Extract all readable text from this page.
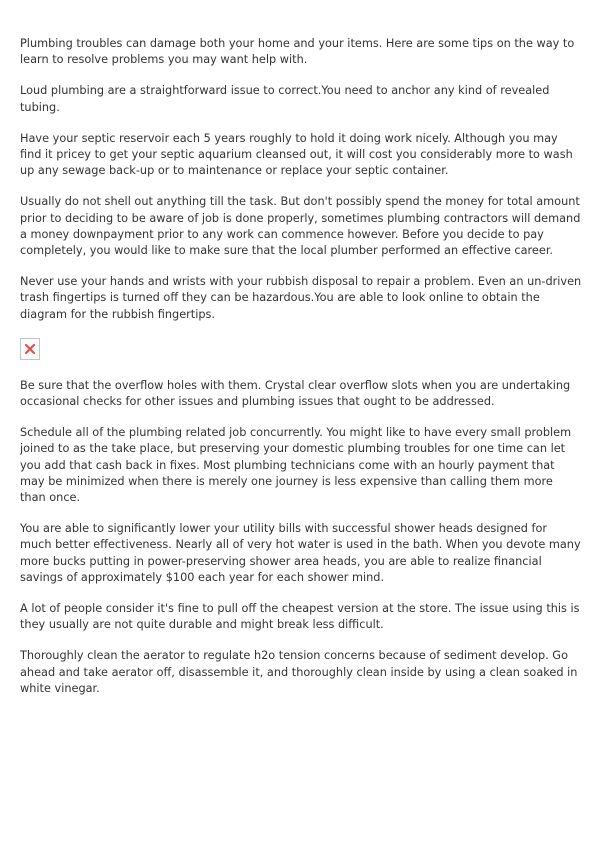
Plumbing troubles can damage both your home and your items. Here are some tips on the way to learn to resolve problems you may want help with.

Loud plumbing are a straightforward issue to correct.You need to anchor any kind of revealed tubing.

Have your septic reservoir each 5 years roughly to hold it doing work nicely. Although you may find it pricey to get your septic aquarium cleansed out, it will cost you considerably more to wash up any sewage back-up or to maintenance or replace your septic container.

Usually do not shell out anything till the task. But don't possibly spend the money for total amount prior to deciding to be aware of job is done properly, sometimes plumbing contractors will demand a money downpayment prior to any work can commence however. Before you decide to pay completely, you would like to make sure that the local plumber performed an effective career.

Never use your hands and wrists with your rubbish disposal to repair a problem. Even an un-driven trash fingertips is turned off they can be hazardous.You are able to look online to obtain the diagram for the rubbish fingertips.

Be sure that the overflow holes with them. Crystal clear overflow slots when you are undertaking occasional checks for other issues and plumbing issues that ought to be addressed.

Schedule all of the plumbing related job concurrently. You might like to have every small problem joined to as the take place, but preserving your domestic plumbing troubles for one time can let you add that cash back in fixes. Most plumbing technicians come with an hourly payment that may be minimized when there is merely one journey is less expensive than calling them more than once.

You are able to significantly lower your utility bills with successful shower heads designed for much better effectiveness. Nearly all of very hot water is used in the bath. When you devote many more bucks putting in power-preserving shower area heads, you are able to realize financial savings of approximately $100 each year for each shower mind.

A lot of people consider it's fine to pull off the cheapest version at the store. The issue using this is they usually are not quite durable and might break less difficult.

Thoroughly clean the aerator to regulate h2o tension concerns because of sediment develop. Go ahead and take aerator off, disassemble it, and thoroughly clean inside by using a clean soaked in white vinegar.
